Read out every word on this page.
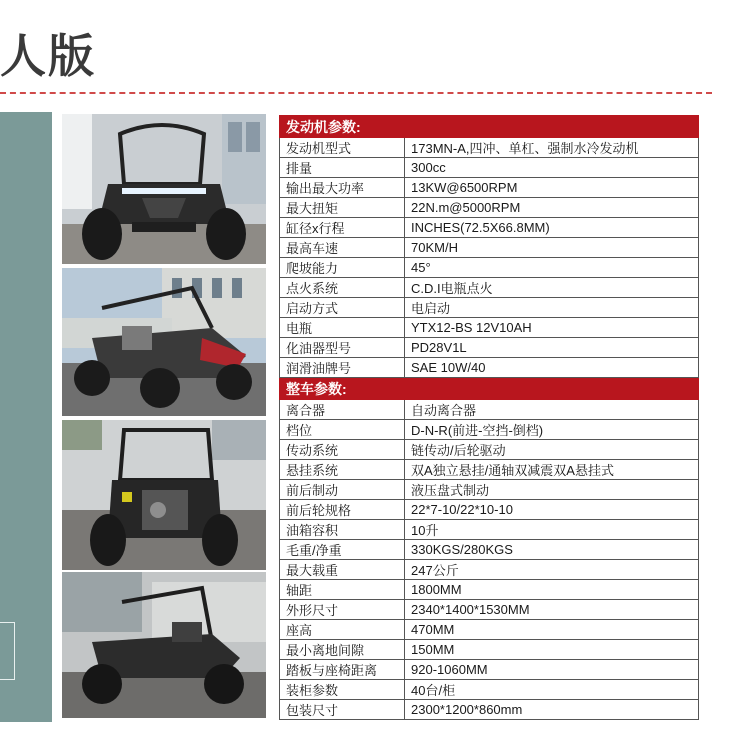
人版
发动机参数:	
发动机型式	173MN-A,四冲、单杠、强制水冷发动机
排量	300cc
输出最大功率	13KW@6500RPM
最大扭矩	22N.m@5000RPM
缸径x行程	INCHES(72.5X66.8MM)
最高车速	70KM/H
爬坡能力	45°
点火系统	C.D.I电瓶点火
启动方式	电启动
电瓶	YTX12-BS 12V10AH
化油器型号	PD28V1L
润滑油牌号	SAE 10W/40
整车参数:	
离合器	自动离合器
档位	D-N-R(前进-空挡-倒档)
传动系统	链传动/后轮驱动
悬挂系统	双A独立悬挂/通轴双减震双A悬挂式
前后制动	液压盘式制动
前后轮规格	22*7-10/22*10-10
油箱容积	10升
毛重/净重	330KGS/280KGS
最大载重	247公斤
轴距	1800MM
外形尺寸	2340*1400*1530MM
座高	470MM
最小离地间隙	150MM
踏板与座椅距离	920-1060MM
装柜参数	40台/柜
包装尺寸	2300*1200*860mm
